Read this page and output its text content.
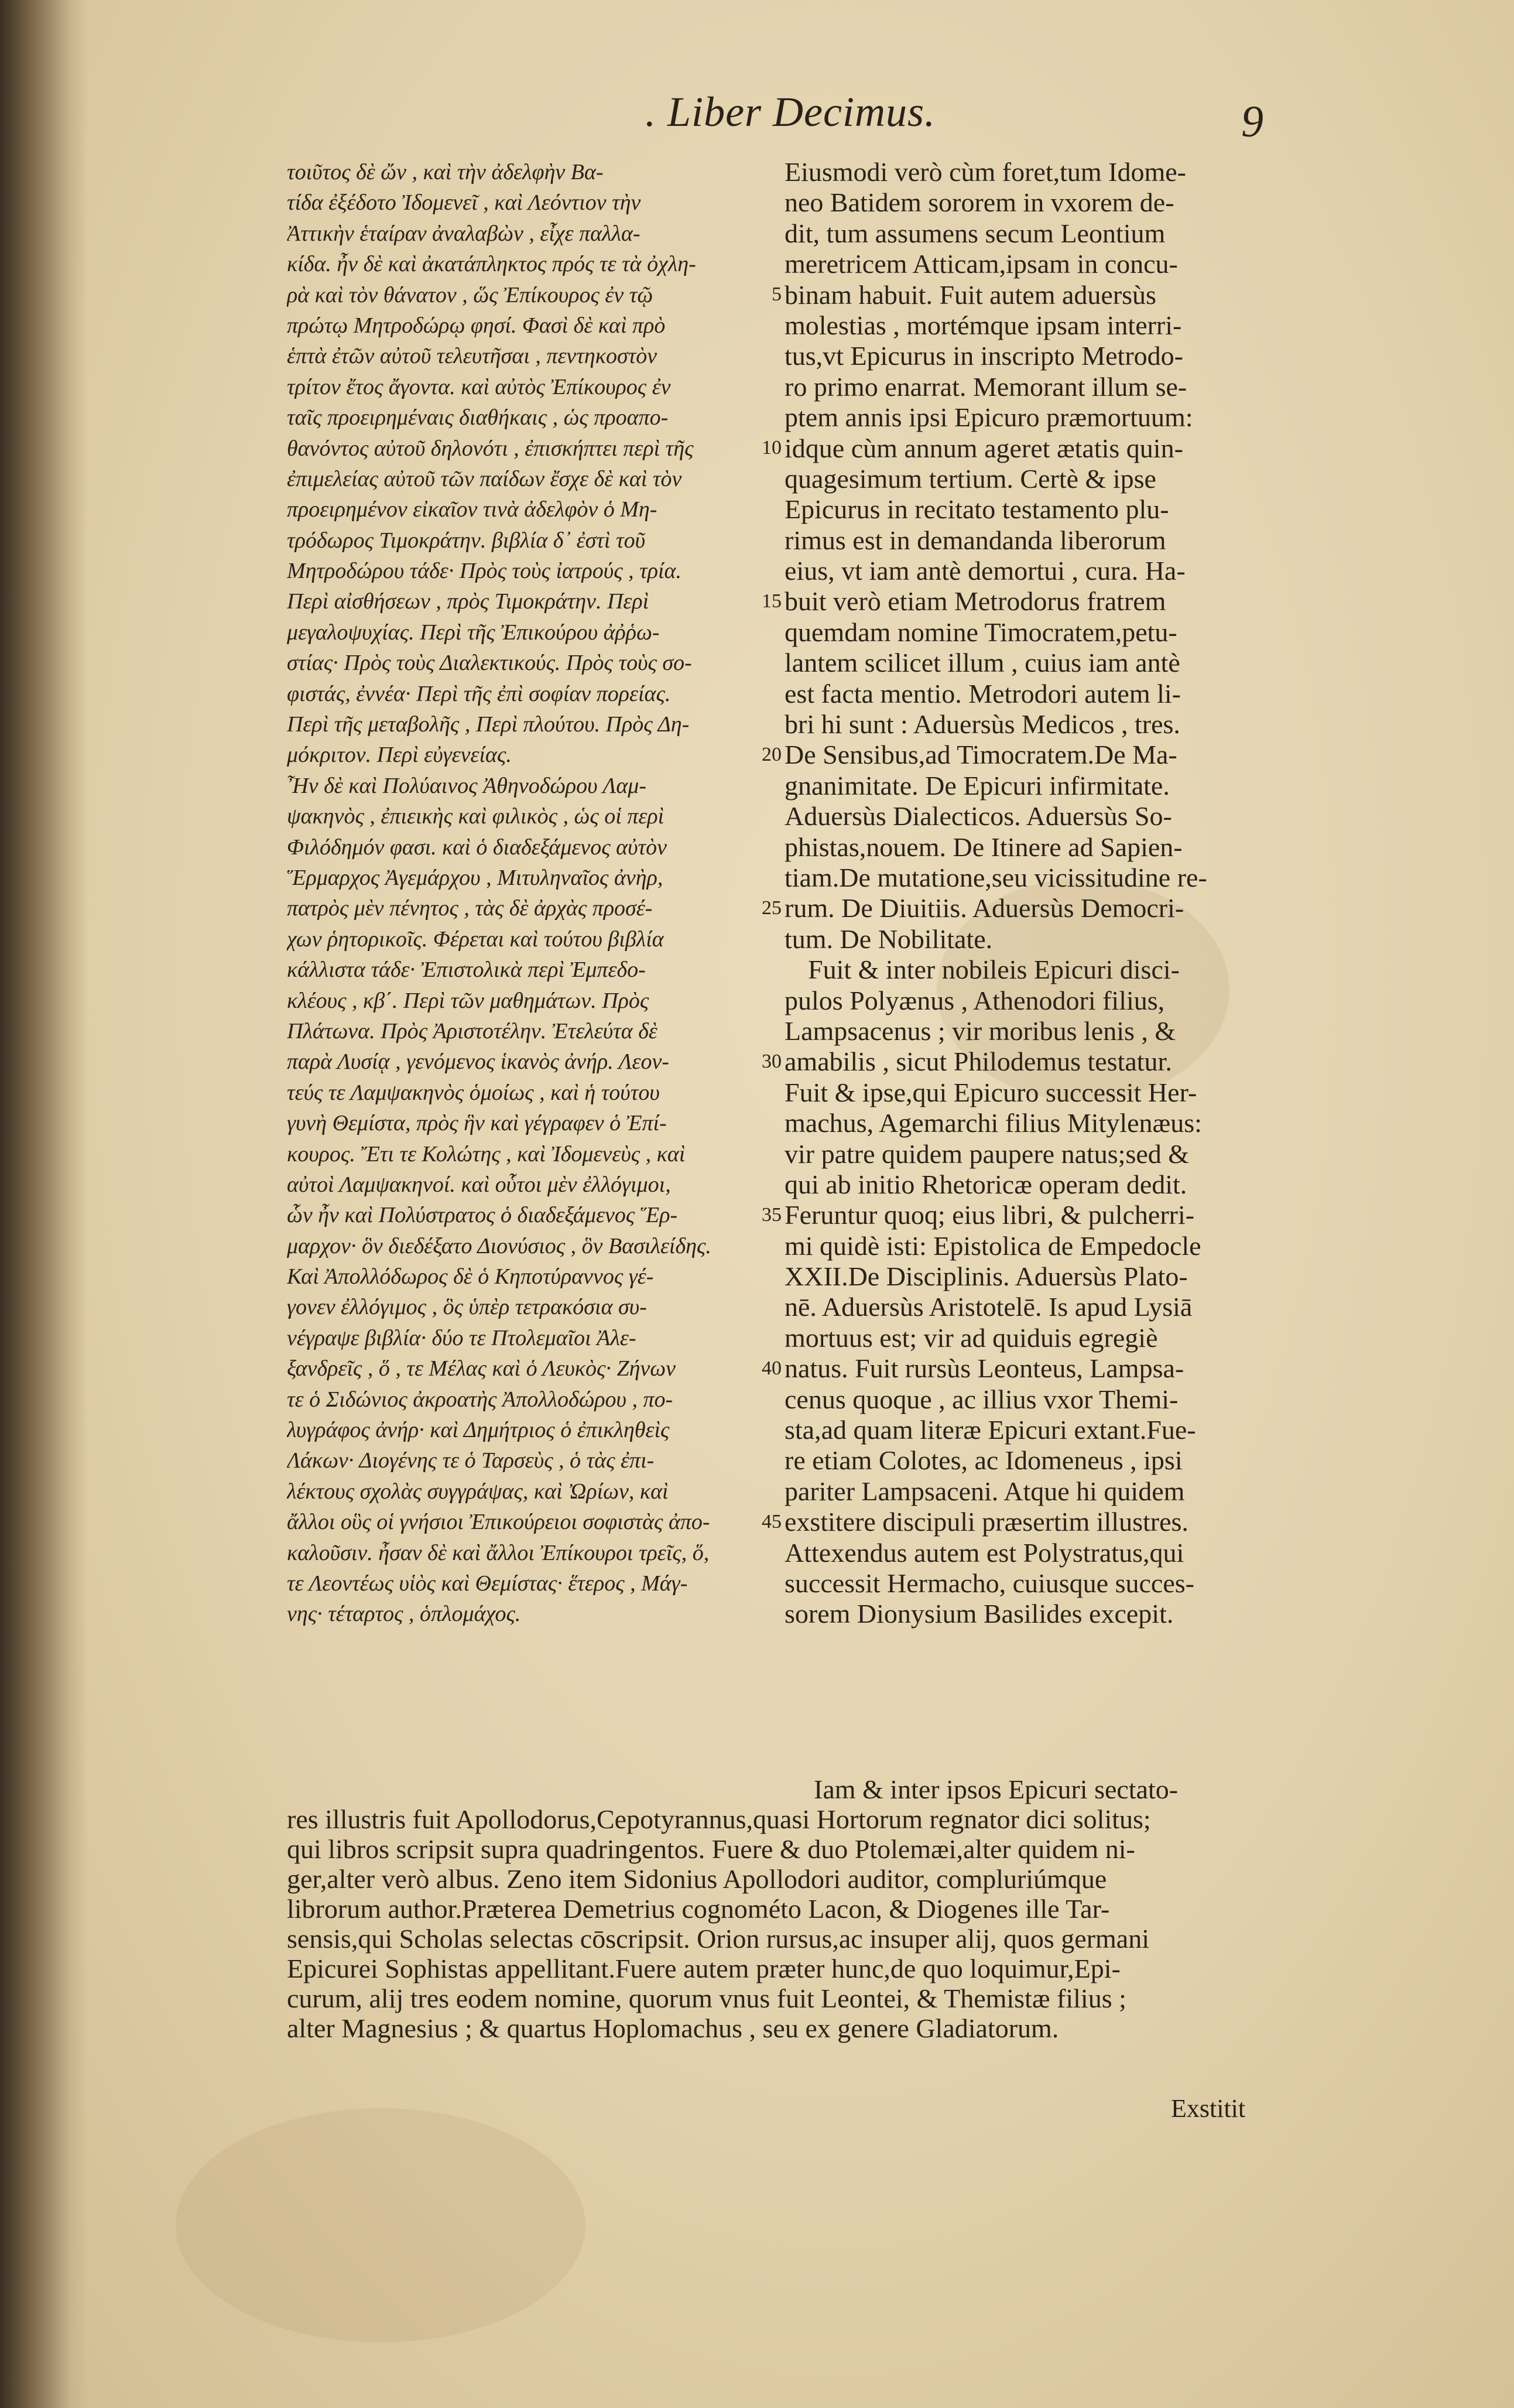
. Liber Decimus.	9
τοιῦτος δὲ ὤν , καὶ τὴν ἀδελφὴν Βα-
τίδα ἐξέδοτο Ἰδομενεῖ , καὶ Λεόντιον τὴν
Ἀττικὴν ἑταίραν ἀναλαβὼν , εἶχε παλλα-
κίδα. ἦν δὲ καὶ ἀκατάπληκτος πρός τε τὰ ὀχλη-
ρὰ καὶ τὸν θάνατον , ὥς Ἐπίκουρος ἐν τῷ
πρώτῳ Μητροδώρῳ φησί. Φασὶ δὲ καὶ πρὸ
ἑπτὰ ἐτῶν αὐτοῦ τελευτῆσαι , πεντηκοστὸν
τρίτον ἔτος ἄγοντα. καὶ αὐτὸς Ἐπίκουρος ἐν
ταῖς προειρημέναις διαθήκαις , ὡς προαπο-
θανόντος αὐτοῦ δηλονότι , ἐπισκήπτει περὶ τῆς
ἐπιμελείας αὐτοῦ τῶν παίδων ἔσχε δὲ καὶ τὸν
προειρημένον εἰκαῖον τινὰ ἀδελφὸν ὁ Μη-
τρόδωρος Τιμοκράτην. βιβλία δ᾽ ἐστὶ τοῦ
Μητροδώρου τάδε· Πρὸς τοὺς ἰατρούς , τρία.
Περὶ αἰσθήσεων , πρὸς Τιμοκράτην. Περὶ
μεγαλοψυχίας. Περὶ τῆς Ἐπικούρου ἀῤῥω-
στίας· Πρὸς τοὺς Διαλεκτικούς. Πρὸς τοὺς σο-
φιστάς, ἐννέα· Περὶ τῆς ἐπὶ σοφίαν πορείας.
Περὶ τῆς μεταβολῆς , Περὶ πλούτου. Πρὸς Δη-
μόκριτον. Περὶ εὐγενείας.
Ἦν δὲ καὶ Πολύαινος Ἀθηνοδώρου Λαμ-
ψακηνὸς , ἐπιεικὴς καὶ φιλικὸς , ὡς οἱ περὶ
Φιλόδημόν φασι. καὶ ὁ διαδεξάμενος αὐτὸν
Ἕρμαρχος Ἀγεμάρχου , Μιτυληναῖος ἀνὴρ,
πατρὸς μὲν πένητος , τὰς δὲ ἀρχὰς προσέ-
χων ῥητορικοῖς. Φέρεται καὶ τούτου βιβλία
κάλλιστα τάδε· Ἐπιστολικὰ περὶ Ἐμπεδο-
κλέους , κβ΄. Περὶ τῶν μαθημάτων. Πρὸς
Πλάτωνα. Πρὸς Ἀριστοτέλην. Ἐτελεύτα δὲ
παρὰ Λυσίᾳ , γενόμενος ἱκανὸς ἀνήρ. Λεον-
τεύς τε Λαμψακηνὸς ὁμοίως , καὶ ἡ τούτου
γυνὴ Θεμίστα, πρὸς ἣν καὶ γέγραφεν ὁ Ἐπί-
κουρος. Ἔτι τε Κολώτης , καὶ Ἰδομενεὺς , καὶ
αὐτοὶ Λαμψακηνοί. καὶ οὗτοι μὲν ἐλλόγιμοι,
ὧν ἦν καὶ Πολύστρατος ὁ διαδεξάμενος Ἕρ-
μαρχον· ὃν διεδέξατο Διονύσιος , ὃν Βασιλείδης.
Καὶ Ἀπολλόδωρος δὲ ὁ Κηποτύραννος γέ-
γονεν ἐλλόγιμος , ὃς ὑπὲρ τετρακόσια συ-
νέγραψε βιβλία· δύο τε Πτολεμαῖοι Ἀλε-
ξανδρεῖς , ὅ , τε Μέλας καὶ ὁ Λευκὸς· Ζήνων
τε ὁ Σιδώνιος ἀκροατὴς Ἀπολλοδώρου , πο-
λυγράφος ἀνήρ· καὶ Δημήτριος ὁ ἐπικληθεὶς
Λάκων· Διογένης τε ὁ Ταρσεὺς , ὁ τὰς ἐπι-
λέκτους σχολὰς συγγράψας, καὶ Ὠρίων, καὶ
ἄλλοι οὓς οἱ γνήσιοι Ἐπικούρειοι σοφιστὰς ἀπο-
καλοῦσιν. ἦσαν δὲ καὶ ἄλλοι Ἐπίκουροι τρεῖς, ὅ,
τε Λεοντέως υἱὸς καὶ Θεμίστας· ἕτερος , Μάγ-
νης· τέταρτος , ὁπλομάχος.
Eiusmodi verò cùm foret,tum Idome-
neo Batidem sororem in vxorem de-
dit, tum assumens secum Leontium
meretricem Atticam,ipsam in concu-
binam habuit. Fuit autem aduersùs
molestias , mortémque ipsam interri-
tus,vt Epicurus in inscripto Metrodo-
ro primo enarrat. Memorant illum se-
ptem annis ipsi Epicuro præmortuum:
idque cùm annum ageret ætatis quin-
quagesimum tertium. Certè & ipse
Epicurus in recitato testamento plu-
rimus est in demandanda liberorum
eius, vt iam antè demortui , cura. Ha-
buit verò etiam Metrodorus fratrem
quemdam nomine Timocratem,petu-
lantem scilicet illum , cuius iam antè
est facta mentio. Metrodori autem li-
bri hi sunt : Aduersùs Medicos , tres.
De Sensibus,ad Timocratem.De Ma-
gnanimitate. De Epicuri infirmitate.
Aduersùs Dialecticos. Aduersùs So-
phistas,nouem. De Itinere ad Sapien-
tiam.De mutatione,seu vicissitudine re-
rum. De Diuitiis. Aduersùs Democri-
tum. De Nobilitate.
Fuit & inter nobileis Epicuri disci-
pulos Polyænus , Athenodori filius,
Lampsacenus ; vir moribus lenis , &
amabilis , sicut Philodemus testatur.
Fuit & ipse,qui Epicuro successit Her-
machus, Agemarchi filius Mitylenæus:
vir patre quidem paupere natus;sed &
qui ab initio Rhetoricæ operam dedit.
Feruntur quoq; eius libri, & pulcherri-
mi quidè isti: Epistolica de Empedocle
XXII.De Disciplinis. Aduersùs Plato-
nē. Aduersùs Aristotelē. Is apud Lysiā
mortuus est; vir ad quiduis egregiè
natus. Fuit rursùs Leonteus, Lampsa-
cenus quoque , ac illius vxor Themi-
sta,ad quam literæ Epicuri extant.Fue-
re etiam Colotes, ac Idomeneus , ipsi
pariter Lampsaceni. Atque hi quidem
exstitere discipuli præsertim illustres.
Attexendus autem est Polystratus,qui
successit Hermacho, cuiusque succes-
sorem Dionysium Basilides excepit.
5
10
15
20
25
30
35
40
45
Iam & inter ipsos Epicuri sectato-
res illustris fuit Apollodorus,Cepotyrannus,quasi Hortorum regnator dici solitus;
qui libros scripsit supra quadringentos. Fuere & duo Ptolemæi,alter quidem ni-
ger,alter verò albus. Zeno item Sidonius Apollodori auditor, compluriúmque
librorum author.Præterea Demetrius cognométo Lacon, & Diogenes ille Tar-
sensis,qui Scholas selectas cōscripsit. Orion rursus,ac insuper alij, quos germani
Epicurei Sophistas appellitant.Fuere autem præter hunc,de quo loquimur,Epi-
curum, alij tres eodem nomine, quorum vnus fuit Leontei, & Themistæ filius ;
alter Magnesius ; & quartus Hoplomachus , seu ex genere Gladiatorum.
Exstitit
